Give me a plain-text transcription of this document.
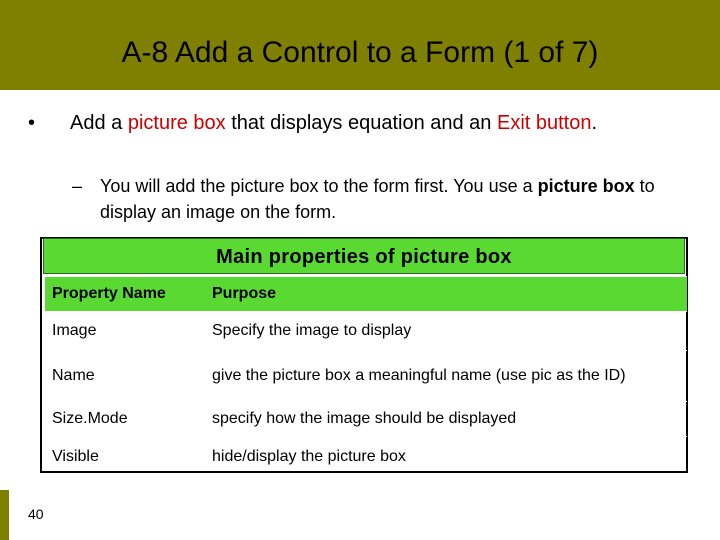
A-8 Add a Control to a Form (1 of 7)
• Add a picture box that displays equation and an Exit button.
– You will add the picture box to the form first. You use a picture box to display an image on the form.
Main properties of picture box
Property Name	Purpose
Image	Specify the image to display
Name	give the picture box a meaningful name (use pic as the ID)
Size.Mode	specify how the image should be displayed
Visible	hide/display the picture box
40
